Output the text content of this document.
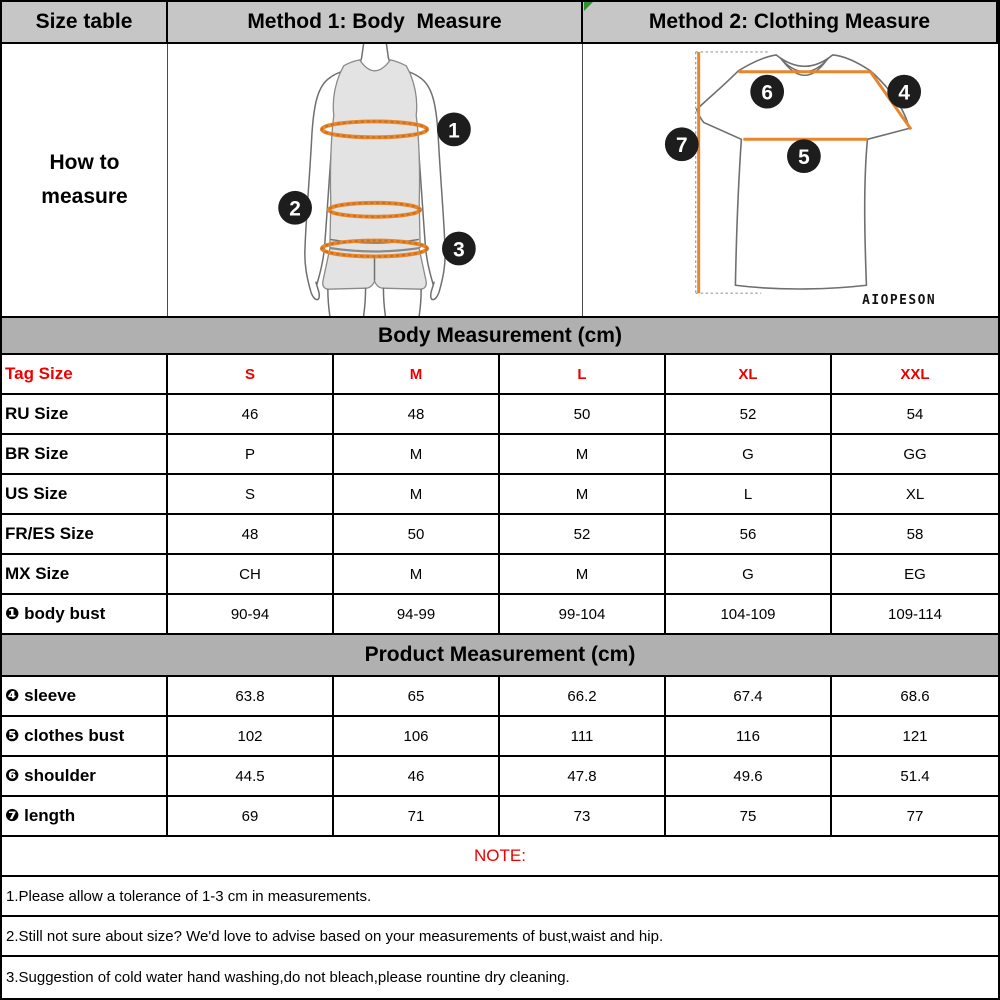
Size table	Method 1: Body  Measure	Method 2: Clothing Measure
How to
measure
1
2
3
6	4
7
5
AIOPESON
Body Measurement (cm)
Tag Size	S	M	L	XL	XXL
RU Size	46	48	50	52	54
BR Size	P	M	M	G	GG
US Size	S	M	M	L	XL
FR/ES Size	48	50	52	56	58
MX Size	CH	M	M	G	EG
❶ body bust	90-94	94-99	99-104	104-109	109-114
Product Measurement (cm)
❹ sleeve	63.8	65	66.2	67.4	68.6
❺ clothes bust	102	106	111	116	121
❻ shoulder	44.5	46	47.8	49.6	51.4
❼ length	69	71	73	75	77
NOTE:
1.Please allow a tolerance of 1-3 cm in measurements.
2.Still not sure about size? We'd love to advise based on your measurements of bust,waist and hip.
3.Suggestion of cold water hand washing,do not bleach,please rountine dry cleaning.
